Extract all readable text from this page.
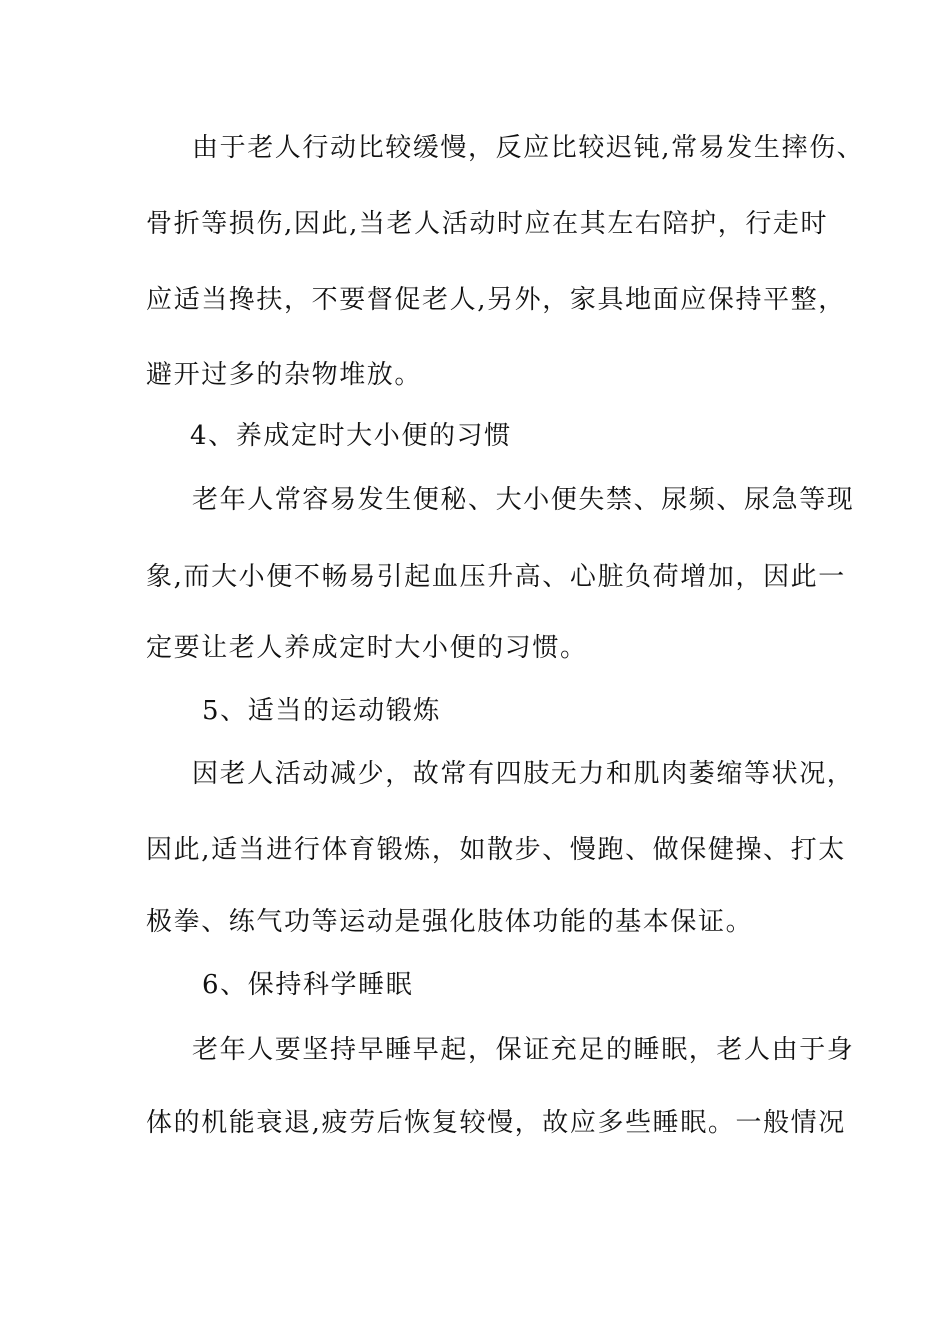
由于老人行动比较缓慢，反应比较迟钝,常易发生摔伤、
骨折等损伤,因此,当老人活动时应在其左右陪护，行走时
应适当搀扶，不要督促老人,另外，家具地面应保持平整，
避开过多的杂物堆放。
4、养成定时大小便的习惯
老年人常容易发生便秘、大小便失禁、尿频、尿急等现
象,而大小便不畅易引起血压升高、心脏负荷增加，因此一
定要让老人养成定时大小便的习惯。
5、适当的运动锻炼
因老人活动减少，故常有四肢无力和肌肉萎缩等状况，
因此,适当进行体育锻炼，如散步、慢跑、做保健操、打太
极拳、练气功等运动是强化肢体功能的基本保证。
6、保持科学睡眠
老年人要坚持早睡早起，保证充足的睡眠，老人由于身
体的机能衰退,疲劳后恢复较慢，故应多些睡眠。一般情况
